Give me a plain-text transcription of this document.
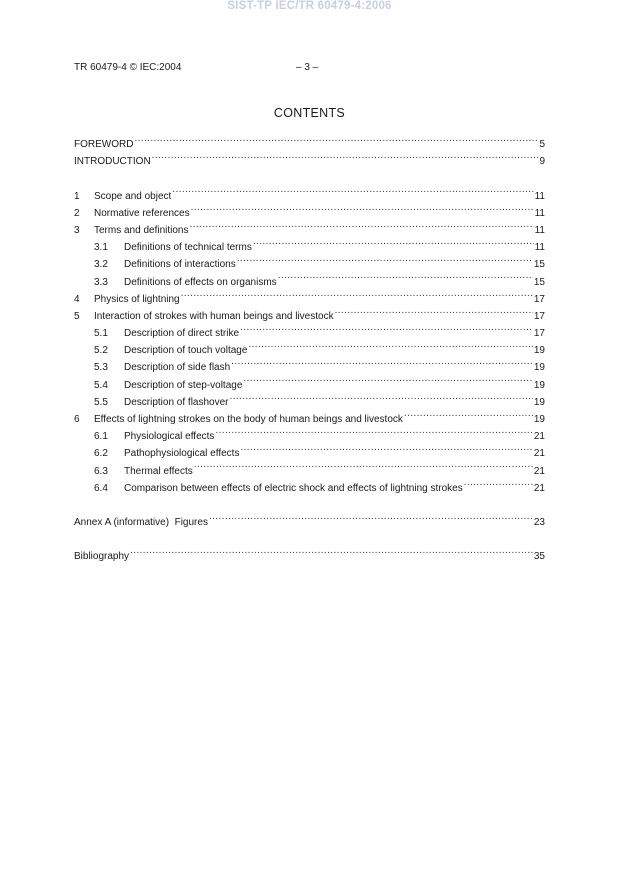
SIST-TP IEC/TR 60479-4:2006
TR 60479-4 © IEC:2004	– 3 –
CONTENTS
FOREWORD .....	5
INTRODUCTION .....	9
1	Scope and object .....	11
2	Normative references .....	11
3	Terms and definitions .....	11
3.1	Definitions of technical terms .....	11
3.2	Definitions of interactions .....	15
3.3	Definitions of effects on organisms .....	15
4	Physics of lightning .....	17
5	Interaction of strokes with human beings and livestock .....	17
5.1	Description of direct strike .....	17
5.2	Description of touch voltage .....	19
5.3	Description of side flash .....	19
5.4	Description of step-voltage .....	19
5.5	Description of flashover .....	19
6	Effects of lightning strokes on the body of human beings and livestock .....	19
6.1	Physiological effects .....	21
6.2	Pathophysiological effects .....	21
6.3	Thermal effects .....	21
6.4	Comparison between effects of electric shock and effects of lightning strokes .....	21
Annex A (informative)  Figures .....	23
Bibliography .....	35
